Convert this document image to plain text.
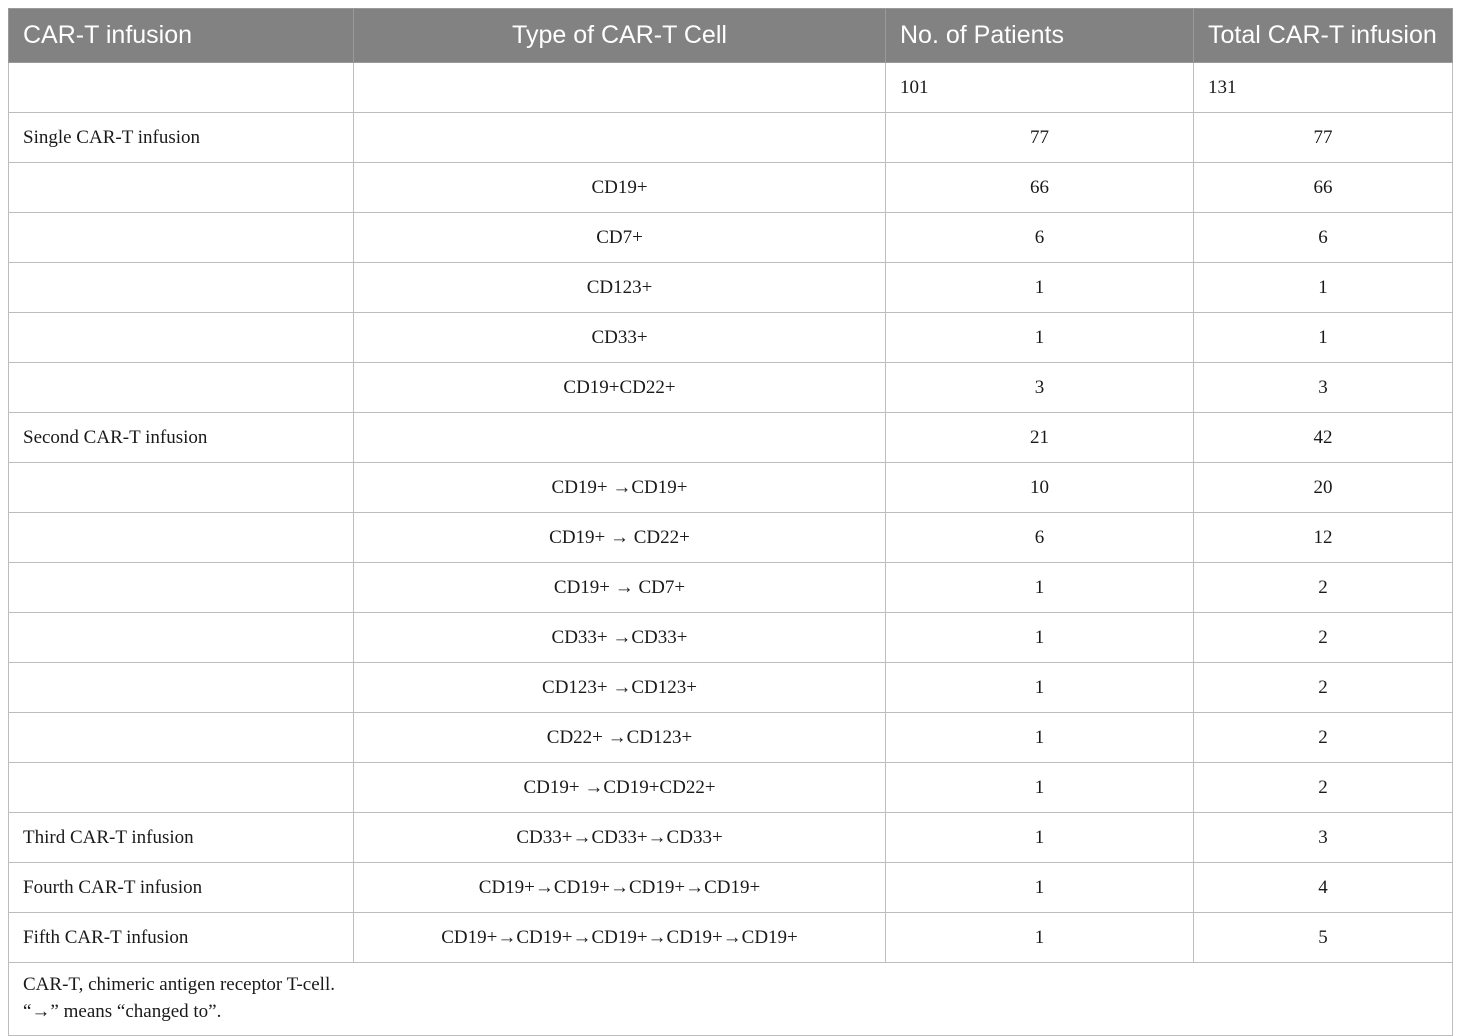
CAR-T infusion	Type of CAR-T Cell	No. of Patients	Total CAR-T infusion
		101	131
Single CAR-T infusion		77	77
	CD19+	66	66
	CD7+	6	6
	CD123+	1	1
	CD33+	1	1
	CD19+CD22+	3	3
Second CAR-T infusion		21	42
	CD19+ →CD19+	10	20
	CD19+ → CD22+	6	12
	CD19+ → CD7+	1	2
	CD33+ →CD33+	1	2
	CD123+ →CD123+	1	2
	CD22+ →CD123+	1	2
	CD19+ →CD19+CD22+	1	2
Third CAR-T infusion	CD33+→CD33+→CD33+	1	3
Fourth CAR-T infusion	CD19+→CD19+→CD19+→CD19+	1	4
Fifth CAR-T infusion	CD19+→CD19+→CD19+→CD19+→CD19+	1	5

CAR-T, chimeric antigen receptor T-cell.
“→” means “changed to”.			
